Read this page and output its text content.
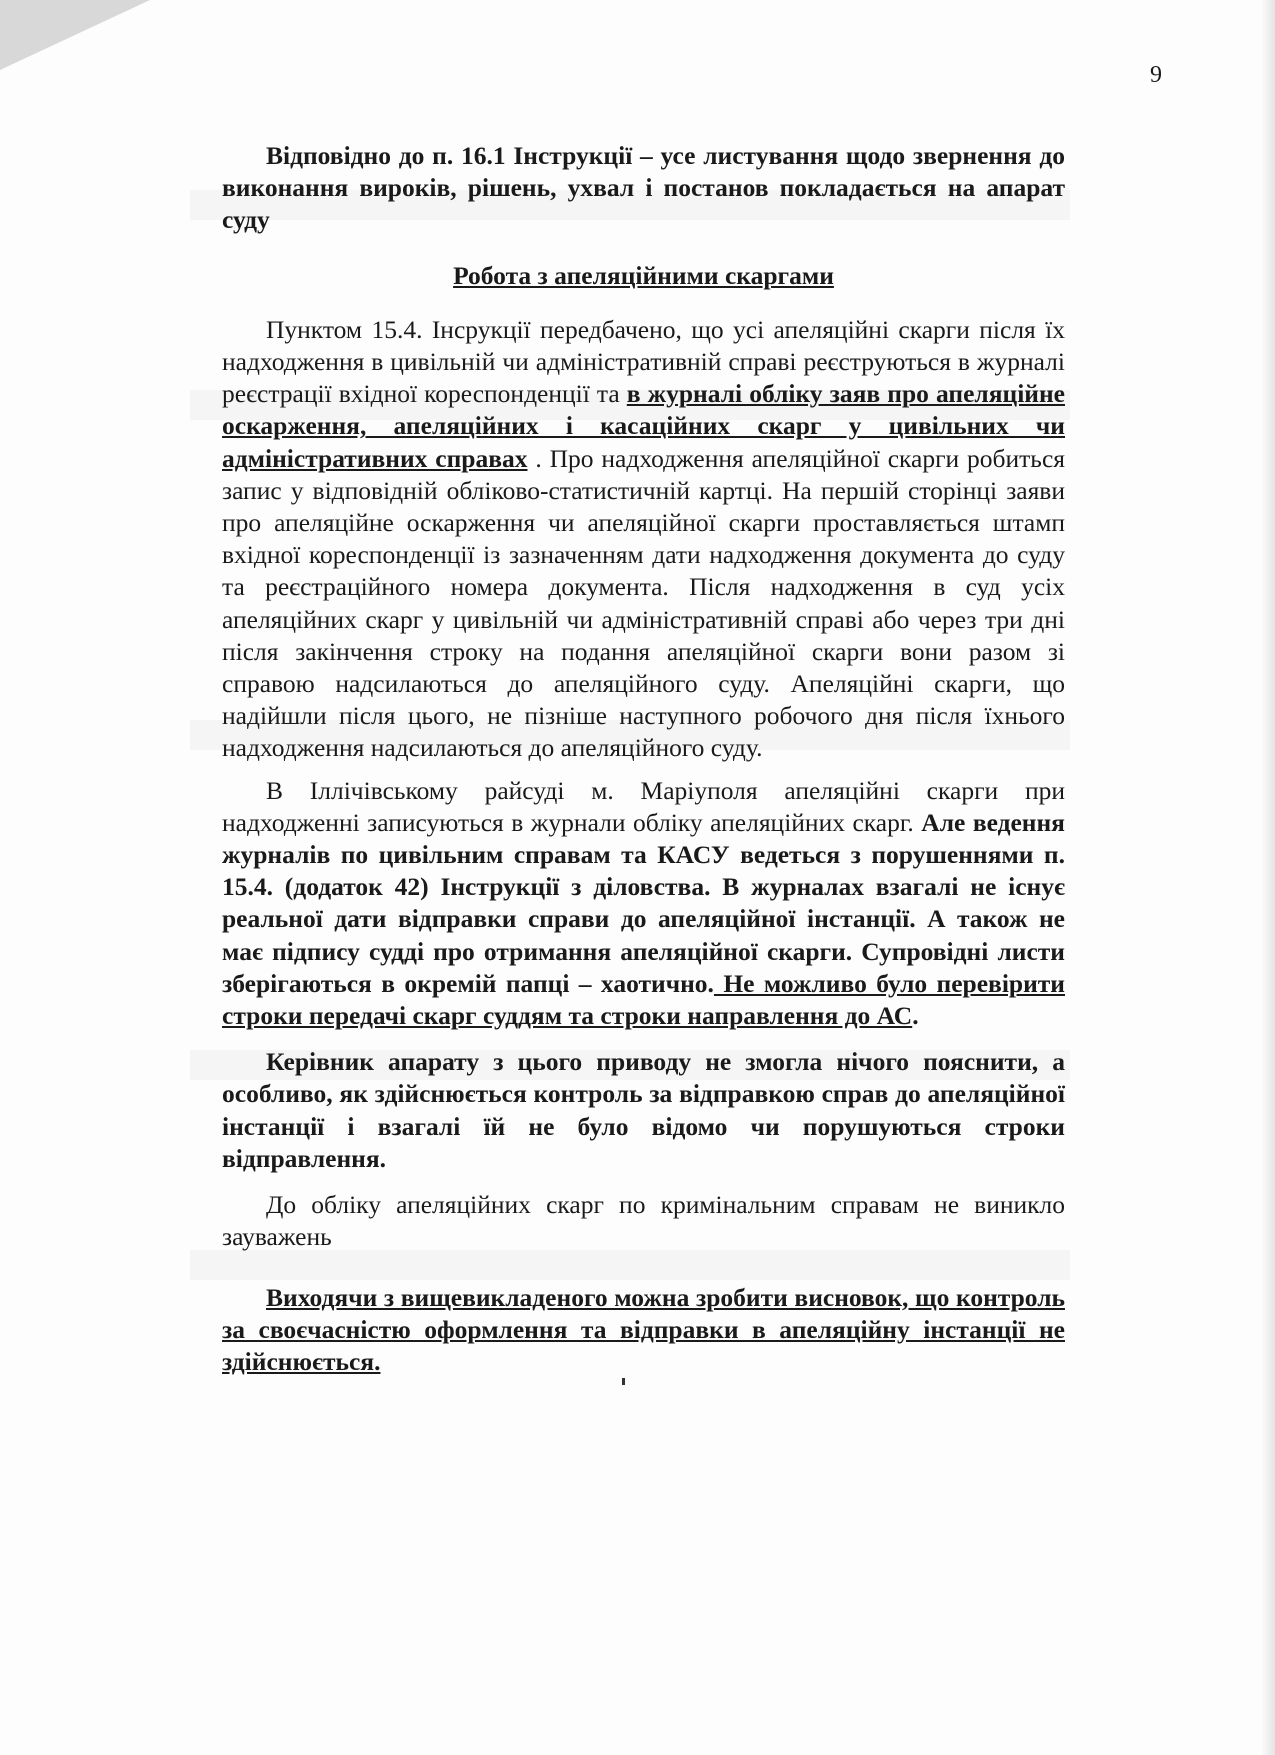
9

Відповідно до п. 16.1 Інструкції – усе листування щодо звернення до виконання вироків, рішень, ухвал і постанов покладається на апарат суду

Робота з апеляційними скаргами

Пунктом 15.4. Інсрукції передбачено, що усі апеляційні скарги після їх надходження в цивільній чи адміністративній справі реєструються в журналі реєстрації вхідної кореспонденції та в журналі обліку заяв про апеляційне оскарження, апеляційних і касаційних скарг у цивільних чи адміністративних справах . Про надходження апеляційної скарги робиться запис у відповідній обліково-статистичній картці. На першій сторінці заяви про апеляційне оскарження чи апеляційної скарги проставляється штамп вхідної кореспонденції із зазначенням дати надходження документа до суду та реєстраційного номера документа. Після надходження в суд усіх апеляційних скарг у цивільній чи адміністративній справі або через три дні після закінчення строку на подання апеляційної скарги вони разом зі справою надсилаються до апеляційного суду. Апеляційні скарги, що надійшли після цього, не пізніше наступного робочого дня після їхнього надходження надсилаються до апеляційного суду.

В Іллічівському райсуді м. Маріуполя апеляційні скарги при надходженні записуються в журнали обліку апеляційних скарг. Але ведення журналів по цивільним справам та КАСУ ведеться з порушеннями п. 15.4. (додаток 42) Інструкції з діловства. В журналах взагалі не існує реальної дати відправки справи до апеляційної інстанції. А також не має підпису судді про отримання апеляційної скарги. Супровідні листи зберігаються в окремій папці – хаотично. Не можливо було перевірити строки передачі скарг суддям та строки направлення до АС.

Керівник апарату з цього приводу не змогла нічого пояснити, а особливо, як здійснюється контроль за відправкою справ до апеляційної інстанції і взагалі їй не було відомо чи порушуються строки відправлення.

До обліку апеляційних скарг по кримінальним справам не виникло зауважень

Виходячи з вищевикладеного можна зробити висновок, що контроль за своєчасністю оформлення та відправки в апеляційну інстанції не здійснюється.
